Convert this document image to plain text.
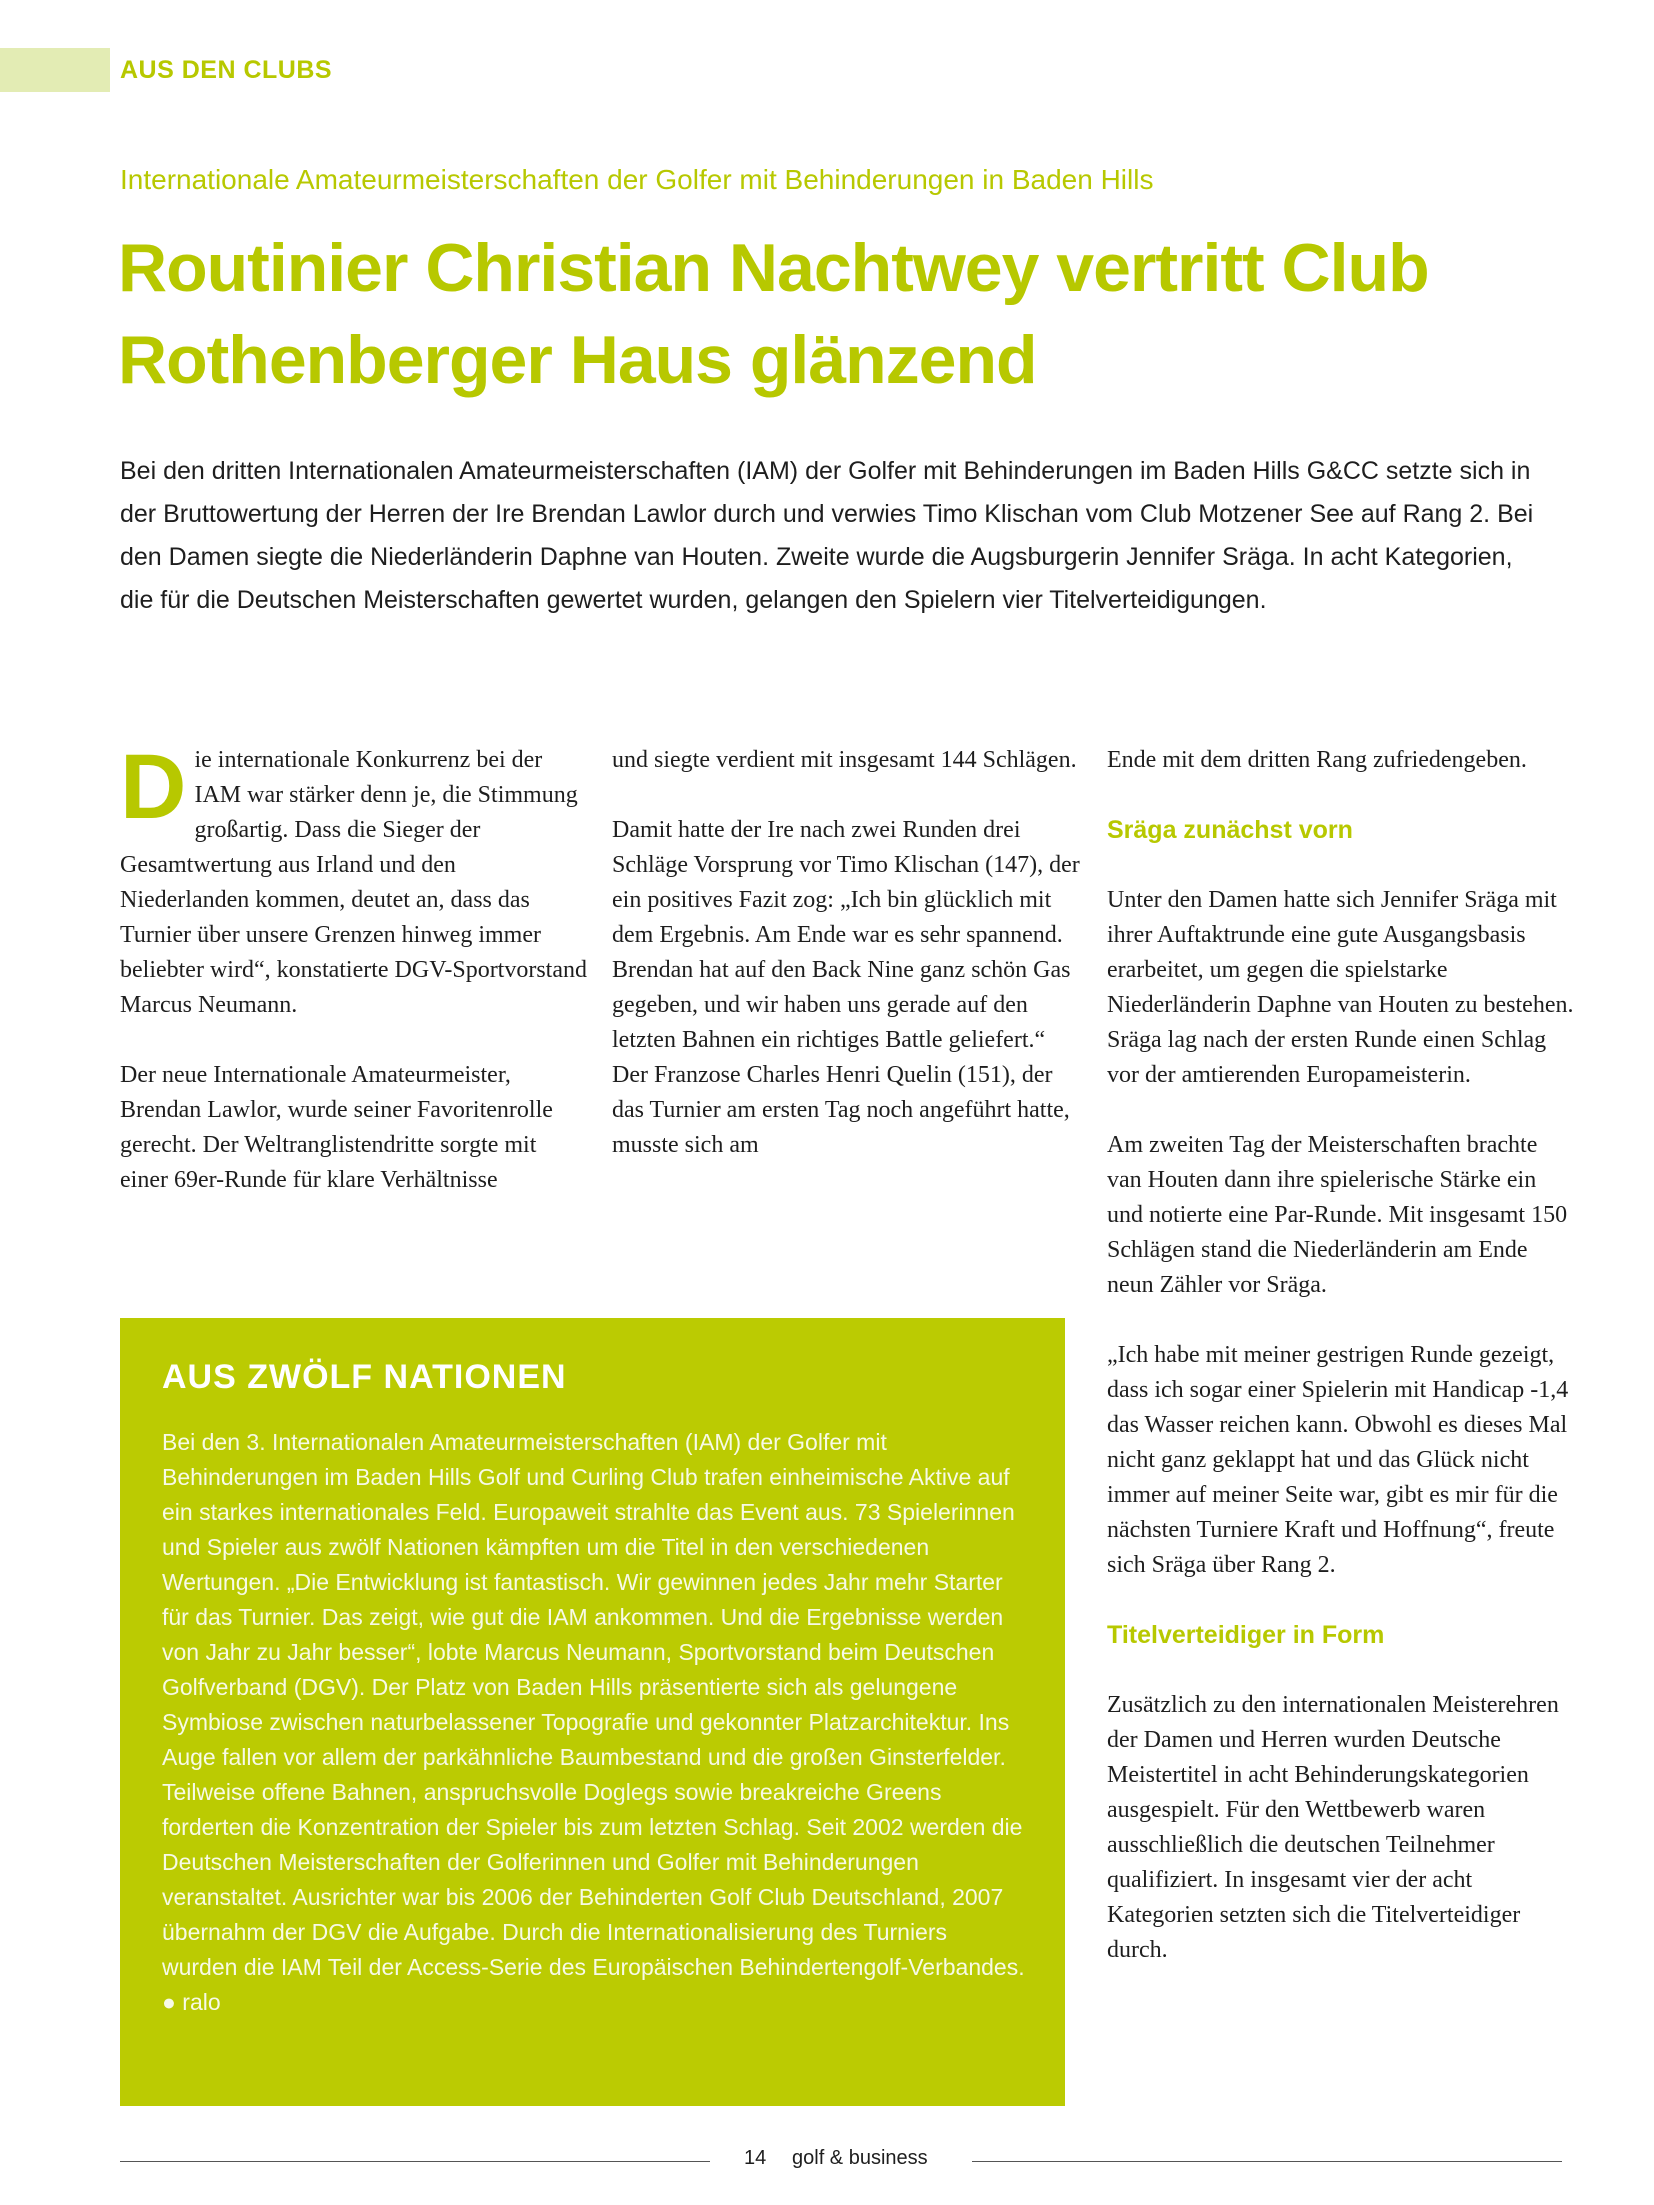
AUS DEN CLUBS
Internationale Amateurmeisterschaften der Golfer mit Behinderungen in Baden Hills
Routinier Christian Nachtwey vertritt Club Rothenberger Haus glänzend

Bei den dritten Internationalen Amateurmeisterschaften (IAM) der Golfer mit Behinderungen im Baden Hills G&CC setzte sich in der Bruttowertung der Herren der Ire Brendan Lawlor durch und verwies Timo Klischan vom Club Motzener See auf Rang 2. Bei den Damen siegte die Niederländerin Daphne van Houten. Zweite wurde die Augsburgerin Jennifer Sräga. In acht Kategorien, die für die Deutschen Meisterschaften gewertet wurden, gelangen den Spielern vier Titelverteidigungen.

Die internationale Konkurrenz bei der IAM war stärker denn je, die Stimmung großartig. Dass die Sieger der Gesamtwertung aus Irland und den Niederlanden kommen, deutet an, dass das Turnier über unsere Grenzen hinweg immer beliebter wird“, konstatierte DGV-Sportvorstand Marcus Neumann.

Der neue Internationale Amateurmeister, Brendan Lawlor, wurde seiner Favoritenrolle gerecht. Der Weltranglistendritte sorgte mit einer 69er-Runde für klare Verhältnisse

und siegte verdient mit insgesamt 144 Schlägen.

Damit hatte der Ire nach zwei Runden drei Schläge Vorsprung vor Timo Klischan (147), der ein positives Fazit zog: „Ich bin glücklich mit dem Ergebnis. Am Ende war es sehr spannend. Brendan hat auf den Back Nine ganz schön Gas gegeben, und wir haben uns gerade auf den letzten Bahnen ein richtiges Battle geliefert.“ Der Franzose Charles Henri Quelin (151), der das Turnier am ersten Tag noch angeführt hatte, musste sich am

Ende mit dem dritten Rang zufriedengeben.

Sräga zunächst vorn

Unter den Damen hatte sich Jennifer Sräga mit ihrer Auftaktrunde eine gute Ausgangsbasis erarbeitet, um gegen die spielstarke Niederländerin Daphne van Houten zu bestehen. Sräga lag nach der ersten Runde einen Schlag vor der amtierenden Europameisterin.

Am zweiten Tag der Meisterschaften brachte van Houten dann ihre spielerische Stärke ein und notierte eine Par-Runde. Mit insgesamt 150 Schlägen stand die Niederländerin am Ende neun Zähler vor Sräga.

„Ich habe mit meiner gestrigen Runde gezeigt, dass ich sogar einer Spielerin mit Handicap -1,4 das Wasser reichen kann. Obwohl es dieses Mal nicht ganz geklappt hat und das Glück nicht immer auf meiner Seite war, gibt es mir für die nächsten Turniere Kraft und Hoffnung“, freute sich Sräga über Rang 2.

Titelverteidiger in Form

Zusätzlich zu den internationalen Meisterehren der Damen und Herren wurden Deutsche Meistertitel in acht Behinderungskategorien ausgespielt. Für den Wettbewerb waren ausschließlich die deutschen Teilnehmer qualifiziert. In insgesamt vier der acht Kategorien setzten sich die Titelverteidiger durch.

AUS ZWÖLF NATIONEN

Bei den 3. Internationalen Amateurmeisterschaften (IAM) der Golfer mit Behinderungen im Baden Hills Golf und Curling Club trafen einheimische Aktive auf ein starkes internationales Feld. Europaweit strahlte das Event aus. 73 Spielerinnen und Spieler aus zwölf Nationen kämpften um die Titel in den verschiedenen Wertungen. „Die Entwicklung ist fantastisch. Wir gewinnen jedes Jahr mehr Starter für das Turnier. Das zeigt, wie gut die IAM ankommen. Und die Ergebnisse werden von Jahr zu Jahr besser“, lobte Marcus Neumann, Sportvorstand beim Deutschen Golfverband (DGV). Der Platz von Baden Hills präsentierte sich als gelungene Symbiose zwischen naturbelassener Topografie und gekonnter Platzarchitektur. Ins Auge fallen vor allem der parkähnliche Baumbestand und die großen Ginsterfelder. Teilweise offene Bahnen, anspruchsvolle Doglegs sowie breakreiche Greens forderten die Konzentration der Spieler bis zum letzten Schlag. Seit 2002 werden die Deutschen Meisterschaften der Golferinnen und Golfer mit Behinderungen veranstaltet. Ausrichter war bis 2006 der Behinderten Golf Club Deutschland, 2007 übernahm der DGV die Aufgabe. Durch die Internationalisierung des Turniers wurden die IAM Teil der Access-Serie des Europäischen Behindertengolf-Verbandes. ● ralo

14 golf & business
